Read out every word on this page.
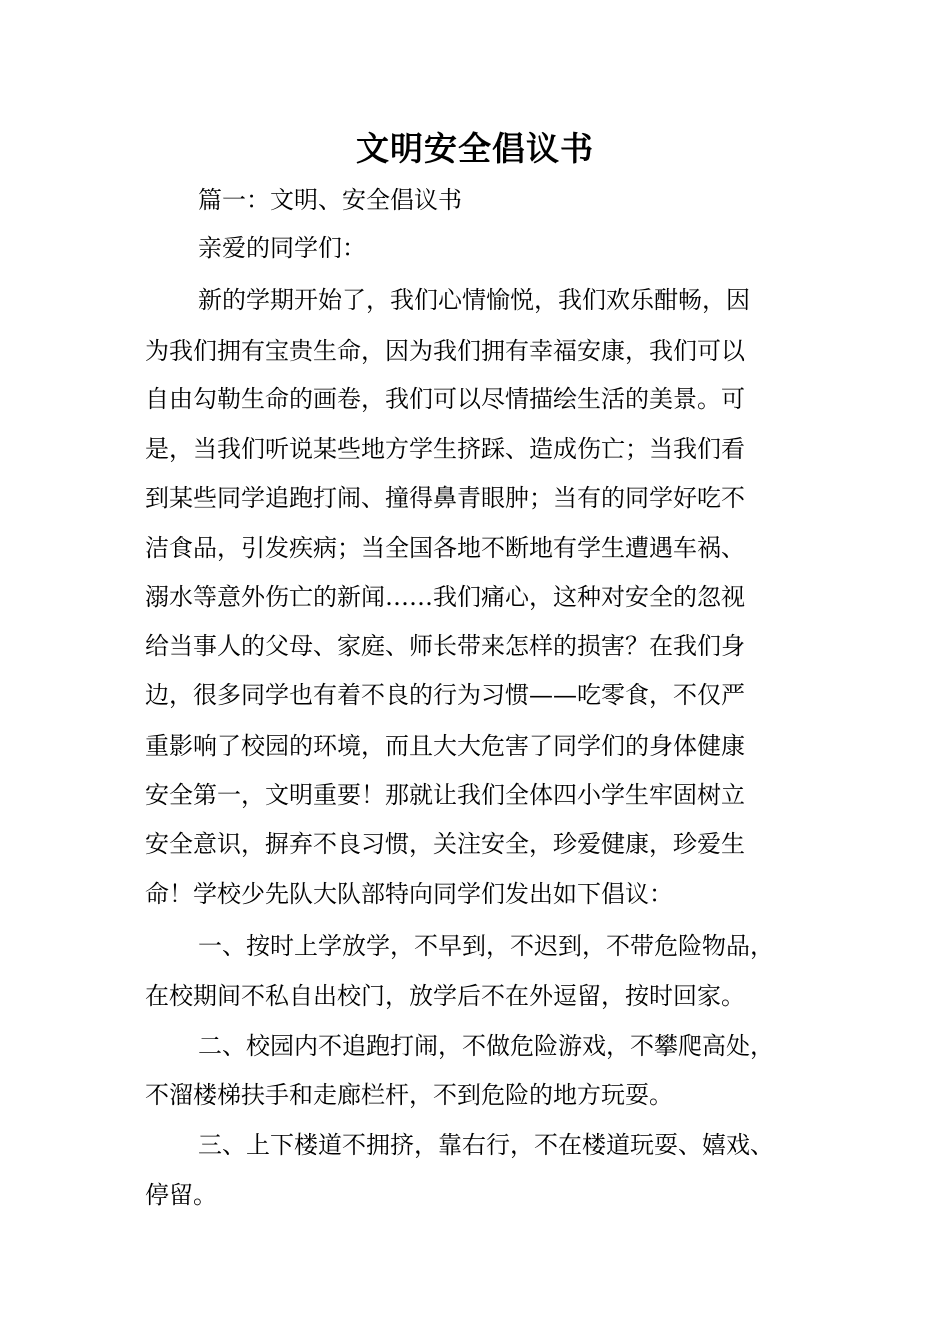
文明安全倡议书
篇一：文明、安全倡议书
亲爱的同学们：
新的学期开始了，我们心情愉悦，我们欢乐酣畅，因
为我们拥有宝贵生命，因为我们拥有幸福安康，我们可以
自由勾勒生命的画卷，我们可以尽情描绘生活的美景。可
是，当我们听说某些地方学生挤踩、造成伤亡；当我们看
到某些同学追跑打闹、撞得鼻青眼肿；当有的同学好吃不
洁食品，引发疾病；当全国各地不断地有学生遭遇车祸、
溺水等意外伤亡的新闻……我们痛心，这种对安全的忽视
给当事人的父母、家庭、师长带来怎样的损害？在我们身
边，很多同学也有着不良的行为习惯——吃零食，不仅严
重影响了校园的环境，而且大大危害了同学们的身体健康
安全第一，文明重要！那就让我们全体四小学生牢固树立
安全意识，摒弃不良习惯，关注安全，珍爱健康，珍爱生
命！学校少先队大队部特向同学们发出如下倡议：
一、按时上学放学，不早到，不迟到，不带危险物品，
在校期间不私自出校门，放学后不在外逗留，按时回家。
二、校园内不追跑打闹，不做危险游戏，不攀爬高处，
不溜楼梯扶手和走廊栏杆，不到危险的地方玩耍。
三、上下楼道不拥挤，靠右行，不在楼道玩耍、嬉戏、
停留。
